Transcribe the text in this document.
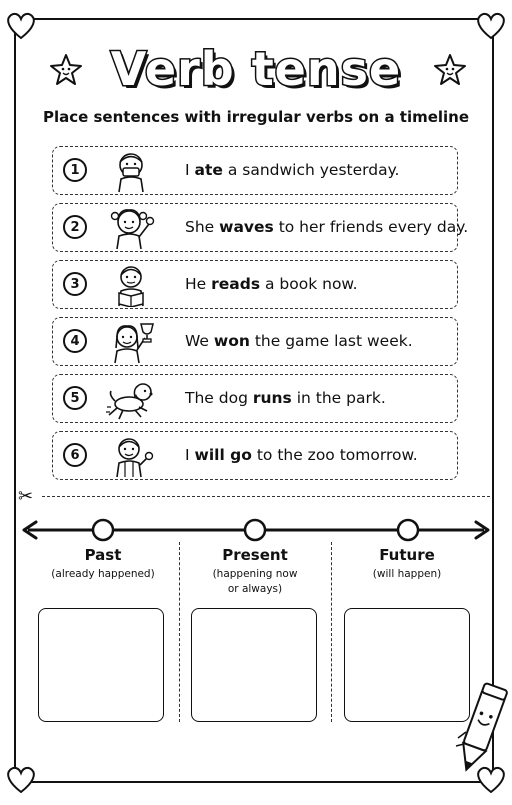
Verb tense
Place sentences with irregular verbs on a timeline
1	I ate a sandwich yesterday.
2	She waves to her friends every day.
3	He reads a book now.
4	We won the game last week.
5	The dog runs in the park.
6	I will go to the zoo tomorrow.
✂
Past
(already happened)
Present
(happening now
or always)
Future
(will happen)
